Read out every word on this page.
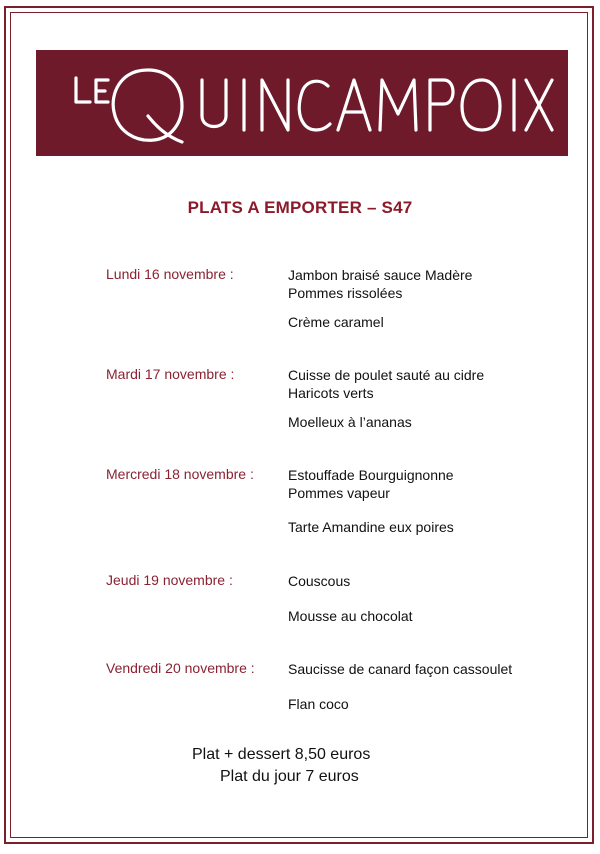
PLATS A EMPORTER – S47
Lundi 16 novembre :	Jambon braisé sauce Madère
Pommes rissolées
Crème caramel
Mardi 17 novembre :	Cuisse de poulet sauté au cidre
Haricots verts
Moelleux à l’ananas
Mercredi 18 novembre : Estouffade Bourguignonne
Pommes vapeur
Tarte Amandine eux poires
Jeudi 19 novembre :	Couscous
Mousse au chocolat
Vendredi 20 novembre : Saucisse de canard façon cassoulet
Flan coco
Plat + dessert 8,50 euros
Plat du jour 7 euros
